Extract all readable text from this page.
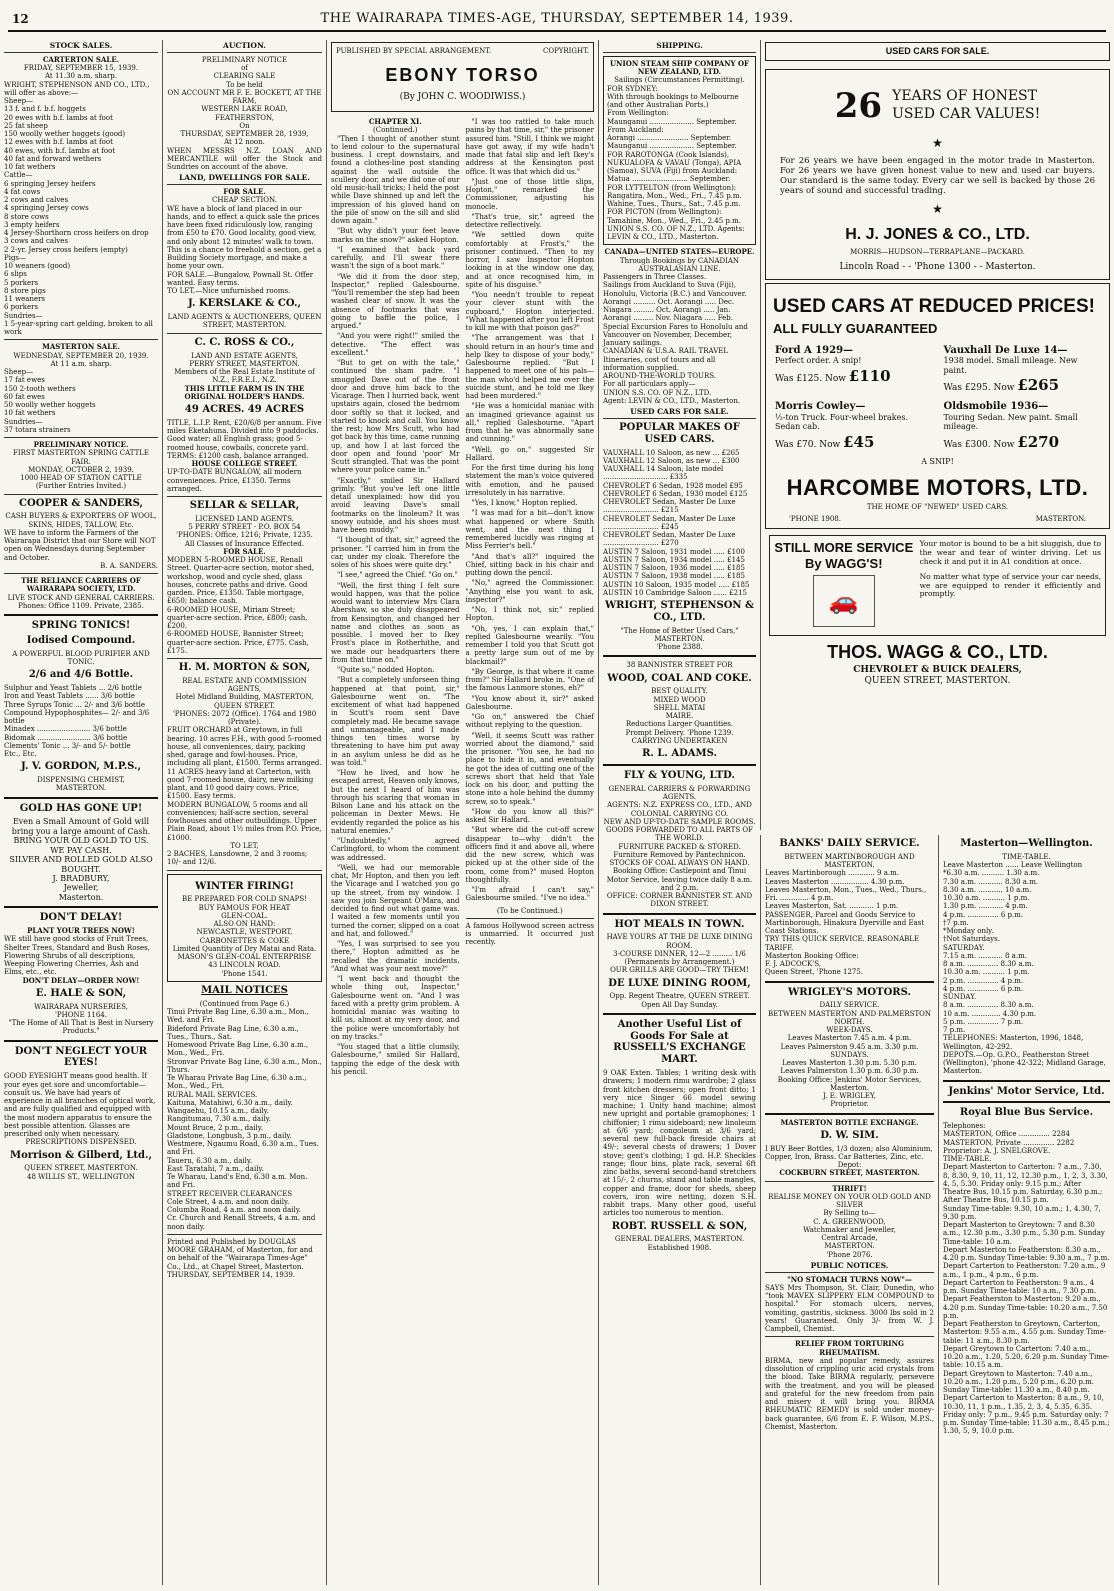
12	THE WAIRARAPA TIMES-AGE, THURSDAY, SEPTEMBER 14, 1939.
STOCK SALES.
CARTERTON SALE.
FRIDAY, SEPTEMBER 15, 1939.
At 11.30 a.m. sharp.
WRIGHT, STEPHENSON AND CO., LTD., will offer as above:—
Sheep—
13 f. and f. b.f. hoggets
20 ewes with b.f. lambs at foot
25 fat sheep
150 woolly wether hoggets (good)
12 ewes with b.f. lambs at foot
40 ewes, with b.f. lambs at foot
40 fat and forward wethers
10 fat wethers
Cattle—
6 springing Jersey heifers
4 fat cows
2 cows and calves
4 springing Jersey cows
8 store cows
3 empty heifers
4 Jersey-Shorthorn cross heifers on drop
3 cows and calves
2 2-yr. Jersey cross heifers (empty)
Pigs—
10 weaners (good)
6 slips
5 porkers
8 store pigs
11 weaners
6 porkers
Sundries—
1 5-year-spring cart gelding, broken to all work
MASTERTON SALE.
WEDNESDAY, SEPTEMBER 20, 1939.
At 11 a.m. sharp.
Sheep—
17 fat ewes
150 2-tooth wethers
60 fat ewes
50 woolly wether hoggets
10 fat wethers
Sundries—
37 totara strainers
PRELIMINARY NOTICE.
FIRST MASTERTON SPRING CATTLE FAIR.
MONDAY, OCTOBER 2, 1939.
1000 HEAD OF STATION CATTLE
(Further Entries Invited.)
COOPER & SANDERS,
CASH BUYERS & EXPORTERS OF WOOL, SKINS, HIDES, TALLOW, Etc.
WE have to inform the Farmers of the Wairarapa District that our Store will NOT open on Wednesdays during September and October.
B. A. SANDERS.
THE RELIANCE CARRIERS OF WAIRARAPA SOCIETY, LTD.
LIVE STOCK AND GENERAL CARRIERS.
Phones: Office 1109. Private, 2385.
SPRING TONICS!
Iodised Compound.
A POWERFUL BLOOD PURIFIER AND TONIC.
2/6 and 4/6 Bottle.
Sulphur and Yeast Tablets ... 2/6 bottle
Iron and Yeast Tablets ...... 3/6 bottle
Three Syrups Tonic ... 2/- and 3/6 bottle
Compound Hypophosphites— 2/- and 3/6 bottle
Minadex ........................ 3/6 bottle
Bidomak ........................ 3/6 bottle
Clements' Tonic ... 3/- and 5/- bottle
Etc., Etc.
J. V. GORDON, M.P.S.,
DISPENSING CHEMIST,
MASTERTON.
GOLD HAS GONE UP!
Even a Small Amount of Gold will bring you a large amount of Cash.
BRING YOUR OLD GOLD TO US.
WE PAY CASH.
SILVER AND ROLLED GOLD ALSO BOUGHT.
J. BRADBURY,
Jeweller,
Masterton.
DON'T DELAY!
PLANT YOUR TREES NOW!
WE still have good stocks of Fruit Trees, Shelter Trees, Standard and Bush Roses, Flowering Shrubs of all descriptions, Weeping Flowering Cherries, Ash and Elms, etc., etc.
DON'T DELAY—ORDER NOW!
E. HALE & SON,
WAIRARAPA NURSERIES,
'PHONE 1164.
"The Home of All That is Best in Nursery Products."
DON'T NEGLECT YOUR EYES!
GOOD EYESIGHT means good health. If your eyes get sore and uncomfortable—consult us. We have had years of experience in all branches of optical work, and are fully qualified and equipped with the most modern apparatus to ensure the best possible attention. Glasses are prescribed only when necessary.
PRESCRIPTIONS DISPENSED.
Morrison & Gilberd, Ltd.,
QUEEN STREET, MASTERTON.
48 WILLIS ST., WELLINGTON
AUCTION.
PRELIMINARY NOTICE
of
CLEARING SALE
To be held
ON ACCOUNT MR F. E. BOCKETT, AT THE FARM,
WESTERN LAKE ROAD,
FEATHERSTON,
On
THURSDAY, SEPTEMBER 28, 1939,
At 12 noon.
WHEN MESSRS N.Z. LOAN AND MERCANTILE will offer the Stock and Sundries on account of the above.
LAND, DWELLINGS FOR SALE.
FOR SALE.
CHEAP SECTION.
WE have a block of land placed in our hands, and to effect a quick sale the prices have been fixed ridiculously low, ranging from £50 to £70. Good locality, good view, and only about 12 minutes' walk to town. This is a chance to freehold a section, get a Building Society mortgage, and make a home your own.
FOR SALE.—Bungalow, Pownall St. Offer wanted. Easy terms.
TO LET.—Nice unfurnished rooms.
J. KERSLAKE & CO.,
LAND AGENTS & AUCTIONEERS, QUEEN STREET, MASTERTON.
C. C. ROSS & CO.,
LAND AND ESTATE AGENTS,
PERRY STREET, MASTERTON.
Members of the Real Estate Institute of N.Z., F.R.E.I., N.Z.
THIS LITTLE FARM IS IN THE ORIGINAL HOLDER'S HANDS.
49 ACRES. 49 ACRES
TITLE, L.I.P. Rent, £20/6/8 per annum. Five miles Eketahuna. Divided into 9 paddocks. Good water; all English grass; good 5-roomed house, cowbails, concrete yard.
TERMS: £1200 cash, balance arranged.
HOUSE COLLEGE STREET.
UP-TO-DATE BUNGALOW, all modern conveniences. Price, £1350. Terms arranged.
SELLAR & SELLAR,
LICENSED LAND AGENTS.
5 PERRY STREET · P.O. BOX 54
'PHONES: Office, 1216; Private, 1235.
All Classes of Insurance Effected.
FOR SALE.
MODERN 5-ROOMED HOUSE, Renall Street. Quarter-acre section, motor shed, workshop, wood and cycle shed, glass houses, concrete paths and drive. Good garden. Price, £1350. Table mortgage, £650; balance cash.
6-ROOMED HOUSE, Miriam Street; quarter-acre section. Price, £800; cash, £200.
6-ROOMED HOUSE, Bannister Street; quarter-acre section. Price, £775. Cash, £175.
H. M. MORTON & SON,
REAL ESTATE AND COMMISSION AGENTS,
Hotel Midland Building, MASTERTON, QUEEN STREET.
'PHONES: 2072 (Office). 1764 and 1980 (Private).
FRUIT ORCHARD at Greytown, in full bearing. 10 acres F.H., with good 5-roomed house, all conveniences, dairy, packing shed, garage and fowl-houses. Price, including all plant, £1500. Terms arranged.
11 ACRES heavy land at Carterton, with good 7-roomed house, dairy, new milking plant, and 10 good dairy cows. Price, £1500. Easy terms.
MODERN BUNGALOW, 5 rooms and all conveniences; half-acre section, several fowlhouses and other outbuildings. Upper Plain Road, about 1½ miles from P.O. Price, £1000.
TO LET,
2 BACHES, Lansdowne, 2 and 3 rooms; 10/- and 12/6.
WINTER FIRING!
BE PREPARED FOR COLD SNAPS!
BUY FAMOUS FOR HEAT
GLEN-COAL.
ALSO ON HAND:
NEWCASTLE, WESTPORT, CARBONETTES & COKE
Limited Quantity of Dry Matai and Rata.
MASON'S GLEN-COAL ENTERPRISE
43 LINCOLN ROAD.
'Phone 1541.
MAIL NOTICES
(Continued from Page 6.)
Tinui Private Bag Line, 6.30 a.m., Mon., Wed. and Fri.
Bideford Private Bag Line, 6.30 a.m., Tues., Thurs., Sat.
Homewood Private Bag Line, 6.30 a.m., Mon., Wed., Fri.
Stronvar Private Bag Line, 6.30 a.m., Mon., Thurs.
Te Wharau Private Bag Line, 6.30 a.m., Mon., Wed., Fri.
RURAL MAIL SERVICES.
Kaituna, Matahiwi, 6.30 a.m., daily.
Wangaehu, 10.15 a.m., daily.
Rangitumau, 7.30 a.m., daily.
Mount Bruce, 2 p.m., daily.
Gladstone, Longbush, 3 p.m., daily.
Westmere, Ngaumu Road, 6.30 a.m., Tues. and Fri.
Taueru, 6.30 a.m., daily.
East Taratahi, 7 a.m., daily.
Te Wharau, Land's End, 6.30 a.m. Mon. and Fri.
STREET RECEIVER CLEARANCES
Cole Street, 4 a.m. and noon daily.
Columba Road, 4 a.m. and noon daily.
Cr. Church and Renall Streets, 4 a.m. and noon daily.
Printed and Published by DOUGLAS MOORE GRAHAM, of Masterton, for and on behalf of the "Wairarapa Times-Age" Co., Ltd., at Chapel Street, Masterton. THURSDAY, SEPTEMBER 14, 1939.
PUBLISHED BY SPECIAL ARRANGEMENT.	COPYRIGHT.
EBONY TORSO
(By JOHN C. WOODIWISS.)
CHAPTER XI.
(Continued.)

"Then I thought of another stunt to lend colour to the supernatural business. I crept downstairs, and found a clothes-line post standing against the wall outside the scullery door, and we did one of our old music-hall tricks; I held the post while Dave shinned up and left the impression of his gloved hand on the pile of snow on the sill and slid down again."

"But why didn't your feet leave marks on the snow?" asked Hopton.

"I examined that back yard carefully, and I'll swear there wasn't the sign of a boot mark."

"We did it from the door step, Inspector," replied Galesbourne. "You'll remember the step had been washed clear of snow. It was the absence of footmarks that was going to baffle the police, I argued."

"And you were right!" smiled the detective. "The effect was excellent."

"But to get on with the tale," continued the sham padre. "I smuggled Dave out of the front door and drove him back to the Vicarage. Then I hurried back, went upstairs again, closed the bedroom door softly so that it locked, and started to knock and call. You know the rest; how Mrs Scutt, who had got back by this time, came running up, and how I at last forced the door open and found 'poor' Mr Scutt strangled. That was the point where your police came in."

"Exactly," smiled Sir Hallard grimly. "But you've left one little detail unexplained: how did you avoid leaving Dave's small footmarks on the linoleum? It was snowy outside, and his shoes must have been muddy."

"I thought of that, sir," agreed the prisoner. "I carried him in from the car, under my cloak. Therefore the soles of his shoes were quite dry."

"I see," agreed the Chief. "Go on."

"Well, the first thing I felt sure would happen, was that the police would want to interview Mrs Clara Abershaw, so she duly disappeared from Kensington, and changed her name and clothes as soon as possible. I moved her to Ikey Frost's place in Rotherhithe, and we made our headquarters there from that time on."

"Quite so," nodded Hopton.

"But a completely unforseen thing happened at that point, sir," Galesbourne went on. "The excitement of what had happened in Scutt's room sent Dave completely mad. He became savage and unmanageable, and I made things ten times worse by threatening to have him put away in an asylum unless he did as he was told."

"How he lived, and how he escaped arrest, Heaven only knows, but the next I heard of him was through his scaring that woman in Bilson Lane and his attack on the policeman in Dexter Mews. He evidently regarded the police as his natural enemies."

"Undoubtedly," agreed Carlingford, to whom the comment was addressed.

"Well, we had our memorable chat, Mr Hopton, and then you left the Vicarage and I watched you go up the street, from my window. I saw you join Sergeant O'Mara, and decided to find out what game was. I waited a few moments until you turned the corner, slipped on a coat and hat, and followed."

"Yes, I was surprised to see you there," Hopton admitted as he recalled the dramatic incidents. "And what was your next move?"

"I went back and thought the whole thing out, Inspector," Galesbourne went on. "And I was faced with a pretty grim problem. A homicidal maniac was waiting to kill us, almost at my very door, and the police were uncomfortably hot on my tracks."

"You staged that a little clumsily, Galesbourne," smiled Sir Hallard, tapping the edge of the desk with his pencil.

"I was too rattled to take much pains by that time, sir," the prisoner assured him. "Still, I think we might have got away, if my wife hadn't made that fatal slip and left Ikey's address at the Kensington post office. It was that which did us."

"Just one of those little slips, Hopton," remarked the Commissioner, adjusting his monocle.

"That's true, sir," agreed the detective reflectively.

"We settled down quite comfortably at Frost's," the prisoner continued. "Then to my horror, I saw Inspector Hopton looking in at the window one day, and at once recognised him, in spite of his disguise."

"You needn't trouble to repeat your clever stunt with the cupboard," Hopton interjected. "What happened after you left Frost to kill me with that poison gas?"

"The arrangement was that I should return in an hour's time and help Ikey to dispose of your body," Galesbourne replied. "But I happened to meet one of his pals—the man who'd helped me over the suicide stunt, and he told me Ikey had been murdered."

"He was a homicidal maniac with an imagined grievance against us all," replied Galesbourne. "Apart from that he was abnormally sane and cunning."

"Well, go on," suggested Sir Hallard.

For the first time during his long statement the man's voice quivered with emotion, and he paused irresolutely in his narrative.

"Yes, I know," Hopton replied.

"I was mad for a bit—don't know what happened or where Smith went, and the next thing I remembered lucidly was ringing at Miss Ferrier's bell."

"And that's all?" inquired the Chief, sitting back in his chair and putting down the pencil.

"No," agreed the Commissioner. "Anything else you want to ask, inspector?"

"No, I think not, sir," replied Hopton.

"Oh, yes, I can explain that," replied Galesbourne wearily. "You remember I told you that Scutt got a pretty large sum out of me by blackmail?"

"By George, is that where it came from?" Sir Hallard broke in. "One of the famous Lanmore stones, eh?"

"You know about it, sir?" asked Galesbourne.

"Go on," answered the Chief without replying to the question.

"Well, it seems Scutt was rather worried about the diamond," said the prisoner. "You see, he had no place to hide it in, and eventually he got the idea of cutting one of the screws short that held that Yale lock on his door, and putting the stone into a hole behind the dummy screw, so to speak."

"How do you know all this?" asked Sir Hallard.

"But where did the cut-off screw disappear to—why didn't the officers find it and above all, where did the new screw, which was picked up at the other side of the room, come from?" mused Hopton thoughtfully.

"I'm afraid I can't say," Galesbourne smiled. "I've no idea."

(To be Continued.)
A famous Hollywood screen actress is unmarried. It occurred just recently.
SHIPPING.
UNION STEAM SHIP COMPANY OF NEW ZEALAND, LTD.
Sailings (Circumstances Permitting).
FOR SYDNEY:
With through bookings to Melbourne (and other Australian Ports.)
From Wellington:
Maunganui .................... September.
From Auckland:
Aorangi ....................... September.
Maunganui .................... September.
FOR RAROTONGA (Cook Islands), NUKUALOFA & VAVAU (Tonga), APIA (Samoa), SUVA (Fiji) from Auckland:
Matua ......................... September.
FOR LYTTELTON (from Wellington): Rangatira, Mon., Wed., Fri., 7.45 p.m. Wahine, Tues., Thurs., Sat., 7.45 p.m.
FOR PICTON (from Wellington): Tamahine, Mon., Wed., Fri., 2.45 p.m.
UNION S.S. CO. OF N.Z., LTD. Agents:
LEVIN & CO., LTD., Masterton.
CANADA—UNITED STATES—EUROPE.
Through Bookings by CANADIAN AUSTRALASIAN LINE.
Passengers in Three Classes.
Sailings from Auckland to Suva (Fiji), Honolulu, Victoria (B.C.) and Vancouver.
Aorangi .......... Oct. Aorangi ..... Dec.
Niagara ......... Oct. Aorangi ..... Jan.
Aorangi ......... Nov. Niagara ..... Feb.
Special Excursion Fares to Honolulu and Vancouver on November, December, January sailings.
CANADIAN & U.S.A. RAIL TRAVEL
Itineraries, cost of tours and all information supplied.
AROUND-THE-WORLD TOURS.
For all particulars apply—
UNION S.S. CO. OF N.Z., LTD.
Agent: LEVIN & CO., LTD., Masterton.
USED CARS FOR SALE.
POPULAR MAKES OF USED CARS.
VAUXHALL 10 Saloon, as new ... £265
VAUXHALL 12 Saloon, as new ... £300
VAUXHALL 14 Saloon, late model ............................. £335
CHEVROLET 6 Sedan, 1928 model £95
CHEVROLET 6 Sedan, 1930 model £125
CHEVROLET Sedan, Master De Luxe ......................... £215
CHEVROLET Sedan, Master De Luxe ......................... £245
CHEVROLET Sedan, Master De Luxe ......................... £270
AUSTIN 7 Saloon, 1931 model ..... £100
AUSTIN 7 Saloon, 1934 model ..... £145
AUSTIN 7 Saloon, 1936 model ..... £185
AUSTIN 7 Saloon, 1938 model ..... £185
AUSTIN 10 Saloon, 1935 model ..... £185
AUSTIN 10 Cambridge Saloon ...... £215
WRIGHT, STEPHENSON & CO., LTD.
"The Home of Better Used Cars,"
MASTERTON.
'Phone 2388.
38 BANNISTER STREET FOR
WOOD, COAL AND COKE.
BEST QUALITY.
MIXED WOOD
SHELL MATAI
MAIRE.
Reductions Larger Quantities.
Prompt Delivery. 'Phone 1239.
CARRYING UNDERTAKEN
R. L. ADAMS.
FLY & YOUNG, LTD.
GENERAL CARRIERS & FORWARDING AGENTS.
AGENTS: N.Z. EXPRESS CO., LTD., AND COLONIAL CARRYING CO.
NEW AND UP-TO-DATE SAMPLE ROOMS.
GOODS FORWARDED TO ALL PARTS OF THE WORLD.
FURNITURE PACKED & STORED. Furniture Removed by Pantechnicon. STOCKS OF COAL ALWAYS ON HAND.
Booking Office: Castlepoint and Tinui Motor Service, leaving twice daily 8 a.m. and 2 p.m.
OFFICE: CORNER BANNISTER ST. AND DIXON STREET.
HOT MEALS IN TOWN.
HAVE YOURS AT THE DE LUXE DINING ROOM.
3-COURSE DINNER, 12—2 ......... 1/6
(Permanents by Arrangement.)
OUR GRILLS ARE GOOD—TRY THEM!
DE LUXE DINING ROOM,
Opp. Regent Theatre, QUEEN STREET.
Open All Day Sunday.
Another Useful List of Goods For Sale at RUSSELL'S EXCHANGE MART.
9 OAK Exten. Tables; 1 writing desk with drawers; 1 modern rimu wardrobe; 2 glass front kitchen dressers; open front ditto; 1 very nice Singer 66 model sewing machine; 1 Unity hand machine; almost new upright and portable gramophones; 1 chiffonier; 1 rimu sideboard; new linoleum at 6/6 yard; congoleum at 3/6 yard; several new full-back fireside chairs at 49/-; several chests of drawers; 1 Dover stove; gent's clothing; 1 gd. H.P. Sheckles range; flour bins, plate rack, several 6ft zinc baths, several second-hand stretchers at 15/-, 2 churns, stand and table mangles, copper and frame, door for sheds, sheep covers, iron wire netting, dozen S.H. rabbit traps. Many other good, useful articles too numerous to mention.
ROBT. RUSSELL & SON,
GENERAL DEALERS, MASTERTON. Established 1908.
USED CARS FOR SALE.
26 YEARS OF HONEST
USED CAR VALUES!
★
For 26 years we have been engaged in the motor trade in Masterton. For 26 years we have given honest value to new and used car buyers. Our standard is the same today. Every car we sell is backed by those 26 years of sound and successful trading.
★
H. J. JONES & CO., LTD.
MORRIS—HUDSON—TERRAPLANE—PACKARD.
Lincoln Road - - 'Phone 1300 - - Masterton.
USED CARS AT REDUCED PRICES! ALL FULLY GUARANTEED
Ford A 1929—
Perfect order. A snip!
Was £125. Now £110
Vauxhall De Luxe 14—
1938 model. Small mileage. New paint.
Was £295. Now £265
Morris Cowley—
½-ton Truck. Four-wheel brakes. Sedan cab.
Was £70. Now £45
Oldsmobile 1936—
Touring Sedan. New paint. Small mileage.
Was £300. Now £270
A SNIP!
HARCOMBE MOTORS, LTD.
THE HOME OF "NEWED" USED CARS.
'PHONE 1908.	MASTERTON.
STILL MORE SERVICE By WAGG'S!
🚗
Your motor is bound to be a bit sluggish, due to the wear and tear of winter driving. Let us check it and put it in A1 condition at once.
No matter what type of service your car needs, we are equipped to render it efficiently and promptly.
THOS. WAGG & CO., LTD.
CHEVROLET & BUICK DEALERS,
QUEEN STREET, MASTERTON.
BANKS' DAILY SERVICE.
BETWEEN MARTINBOROUGH AND MASTERTON.
Leaves Martinborough ............ 9 a.m.
Leaves Masterton ................. 4.30 p.m.
Leaves Masterton, Mon., Tues., Wed., Thurs., Fri. ............. 4 p.m.
Leaves Masterton, Sat. ........... 1 p.m.
PASSENGER, Parcel and Goods Service to Martinborough, Hinakura Dyerville and East Coast Stations.
TRY THIS QUICK SERVICE. REASONABLE TARIFF.
Masterton Booking Office:
F. J. ADCOCK'S,
Queen Street, 'Phone 1275.
WRIGLEY'S MOTORS.
DAILY SERVICE.
BETWEEN MASTERTON AND PALMERSTON NORTH.
WEEK-DAYS.
Leaves Masterton 7.45 a.m. 4 p.m.
Leaves Palmerston 9.45 a.m. 3.30 p.m.
SUNDAYS.
Leaves Masterton 1.30 p.m. 5.30 p.m.
Leaves Palmerston 1.30 p.m. 6.30 p.m.
Booking Office: Jenkins' Motor Services, Masterton.
J. E. WRIGLEY,
Proprietor.
MASTERTON BOTTLE EXCHANGE.
D. W. SIM.
I BUY Beer Bottles, 1/3 dozen; also Aluminium, Copper, Iron, Brass. Car Batteries, Zinc, etc.
Depot:
COCKBURN STREET, MASTERTON.
THRIFT!
REALISE MONEY ON YOUR OLD GOLD AND SILVER
By Selling to—
C. A. GREENWOOD,
Watchmaker and Jeweller,
Central Arcade,
MASTERTON.
'Phone 2076.
PUBLIC NOTICES.
"NO STOMACH TURNS NOW"—
SAYS Mrs Thompson, St. Clair, Dunedin, who "took MAVEX SLIPPERY ELM COMPOUND to hospital." For stomach ulcers, nerves, vomiting, gastritis, sickness. 3000 lbs sold in 2 years! Guaranteed. Only 3/- from W. J. Campbell, Chemist.
RELIEF FROM TORTURING RHEUMATISM.
BIRMA, new and popular remedy, assures dissolution of crippling uric acid crystals from the blood. Take BIRMA regularly, persevere with the treatment, and you will be pleased and grateful for the new freedom from pain and misery it will bring you. BIRMA RHEUMATIC REMEDY is sold under money-back guarantee, 6/6 from E. F. Wilson, M.P.S., Chemist, Masterton.
Masterton—Wellington.
TIME-TABLE.
Leave Masterton ...... Leave Wellington
*6.30 a.m. .......... 1.30 a.m.
7.30 a.m. ........... 8.30 a.m.
8.30 a.m. ........... 10 a.m.
10.30 a.m. .......... 1 p.m.
1.30 p.m. ........... 4 p.m.
4 p.m. .............. 6 p.m.
†7 p.m.
*Monday only.
†Not Saturdays.
SATURDAY.
7.15 a.m. ........... 8 a.m.
8 a.m. .............. 8.30 a.m.
10.30 a.m. .......... 1 p.m.
2 p.m. .............. 4 p.m.
4 p.m. .............. 6 p.m.
SUNDAY.
8 a.m. .............. 8.30 a.m.
10 a.m. ............. 4.30 p.m.
5 p.m. .............. 7 p.m.
7 p.m.
TELEPHONES: Masterton, 1996, 1848, Wellington, 42-292.
DEPOTS.—Op. G.P.O., Featherston Street (Wellington), 'phone 42-322; Midland Garage, Masterton.
Jenkins' Motor Service, Ltd.
Royal Blue Bus Service.
Telephones:
MASTERTON, Office .............. 2284
MASTERTON, Private .............. 2282
Proprietor: A. J. SNELGROVE.
TIME-TABLE.
Depart Masterton to Carterton: 7 a.m., 7.30, 8, 8.30, 9, 10, 11, 12, 12.30 p.m., 1, 2, 3, 3.30, 4, 5, 5.30. Friday only: 9.15 p.m.; After Theatre Bus, 10.15 p.m. Saturday, 6.30 p.m.; After Theatre Bus, 10.15 p.m.
Sunday Time-table: 9.30, 10 a.m.; 1, 4.30, 7, 9.30 p.m.
Depart Masterton to Greytown: 7 and 8.30 a.m., 12.30 p.m., 3.30 p.m., 5.30 p.m. Sunday Time-table: 10 a.m.
Depart Masterton to Featherston: 8.30 a.m., 4.20 p.m. Sunday Time-table: 9.30 a.m., 7 p.m.
Depart Carterton to Featherston: 7.20 a.m., 9 a.m., 1 p.m., 4 p.m., 6 p.m.
Depart Carterton to Featherston: 9 a.m., 4 p.m. Sunday Time-table: 10 a.m., 7.30 p.m.
Depart Featherston to Masterton: 9.20 a.m., 4.20 p.m. Sunday Time-table: 10.20 a.m., 7.50 p.m.
Depart Featherston to Greytown, Carterton, Masterton: 9.55 a.m., 4.55 p.m. Sunday Time-table: 11 a.m., 8.30 p.m.
Depart Greytown to Carterton: 7.40 a.m., 10.20 a.m., 1.20, 5.20, 6.20 p.m. Sunday Time-table: 10.15 a.m.
Depart Greytown to Masterton: 7.40 a.m., 10.20 a.m., 1.20 p.m., 5.20 p.m., 6.20 p.m. Sunday Time-table: 11.30 a.m., 8.40 p.m.
Depart Carterton to Masterton: 8 a.m., 9, 10, 10.30, 11, 1 p.m., 1.35, 2, 3, 4, 5.35, 6.35. Friday only: 7 p.m., 9.45 p.m. Saturday only: 7 p.m. Sunday Time-table: 11.30 a.m., 8.45 p.m.; 1.30, 5, 9, 10.0 p.m.
